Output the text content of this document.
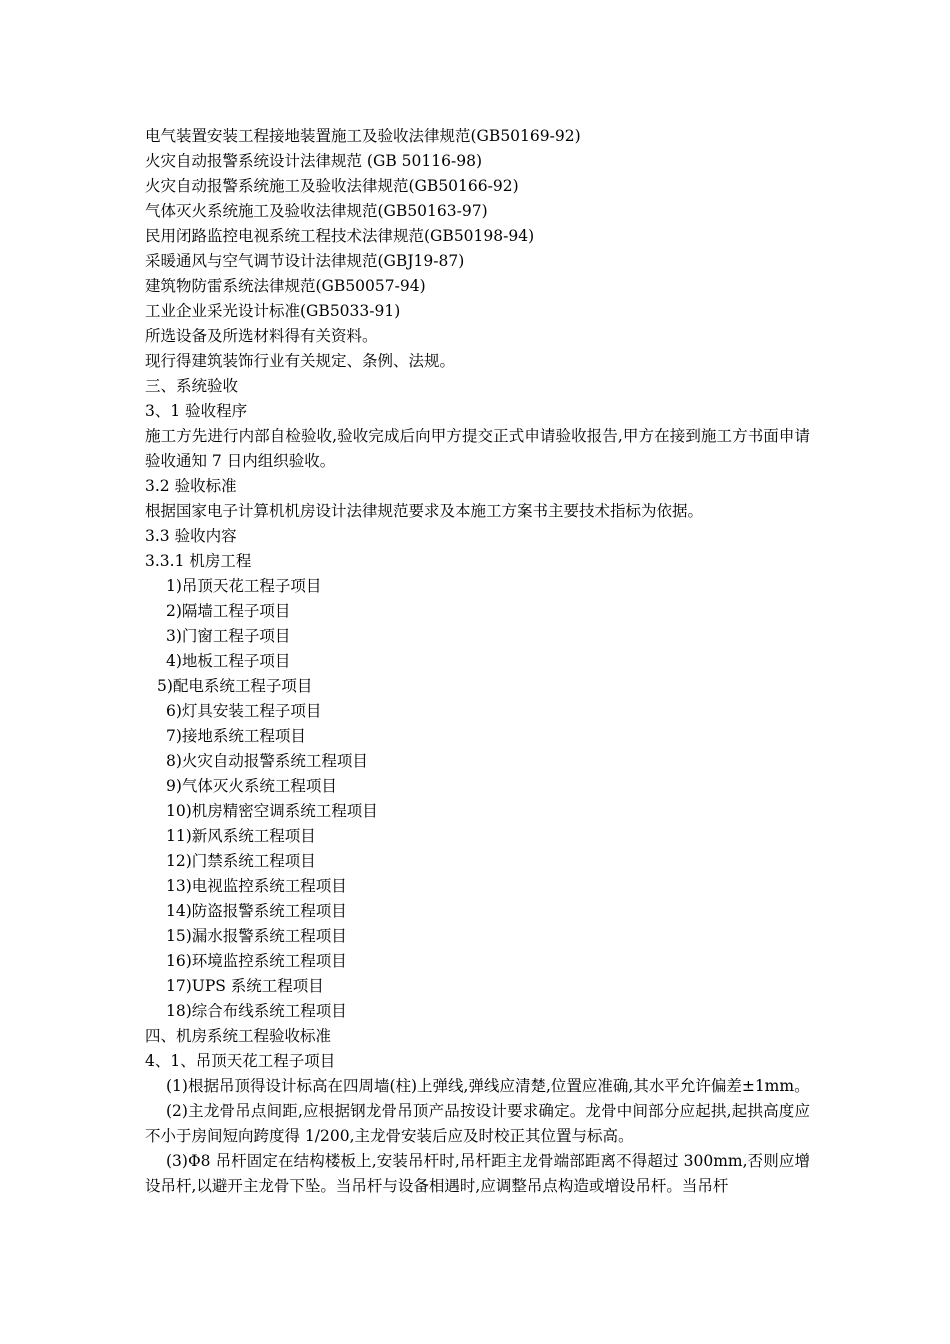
电气装置安装工程接地装置施工及验收法律规范(GB50169-92)
火灾自动报警系统设计法律规范 (GB 50116-98)
火灾自动报警系统施工及验收法律规范(GB50166-92)
气体灭火系统施工及验收法律规范(GB50163-97)
民用闭路监控电视系统工程技术法律规范(GB50198-94)
采暖通风与空气调节设计法律规范(GBJ19-87)
建筑物防雷系统法律规范(GB50057-94)
工业企业采光设计标准(GB5033-91)
所选设备及所选材料得有关资料。
现行得建筑装饰行业有关规定、条例、法规。
三、系统验收
3、1 验收程序
施工方先进行内部自检验收,验收完成后向甲方提交正式申请验收报告,甲方在接到施工方书面申请验收通知 7 日内组织验收。
3.2 验收标准
根据国家电子计算机机房设计法律规范要求及本施工方案书主要技术指标为依据。
3.3 验收内容
3.3.1 机房工程
1)吊顶天花工程子项目
2)隔墙工程子项目
3)门窗工程子项目
4)地板工程子项目
5)配电系统工程子项目
6)灯具安装工程子项目
7)接地系统工程项目
8)火灾自动报警系统工程项目
9)气体灭火系统工程项目
10)机房精密空调系统工程项目
11)新风系统工程项目
12)门禁系统工程项目
13)电视监控系统工程项目
14)防盗报警系统工程项目
15)漏水报警系统工程项目
16)环境监控系统工程项目
17)UPS 系统工程项目
18)综合布线系统工程项目
四、机房系统工程验收标准
4、1、吊顶天花工程子项目
(1)根据吊顶得设计标高在四周墙(柱)上弹线,弹线应清楚,位置应准确,其水平允许偏差±1mm。
(2)主龙骨吊点间距,应根据钢龙骨吊顶产品按设计要求确定。龙骨中间部分应起拱,起拱高度应不小于房间短向跨度得 1/200,主龙骨安装后应及时校正其位置与标高。
(3)Φ8 吊杆固定在结构楼板上,安装吊杆时,吊杆距主龙骨端部距离不得超过 300mm,否则应增设吊杆,以避开主龙骨下坠。当吊杆与设备相遇时,应调整吊点构造或增设吊杆。当吊杆
